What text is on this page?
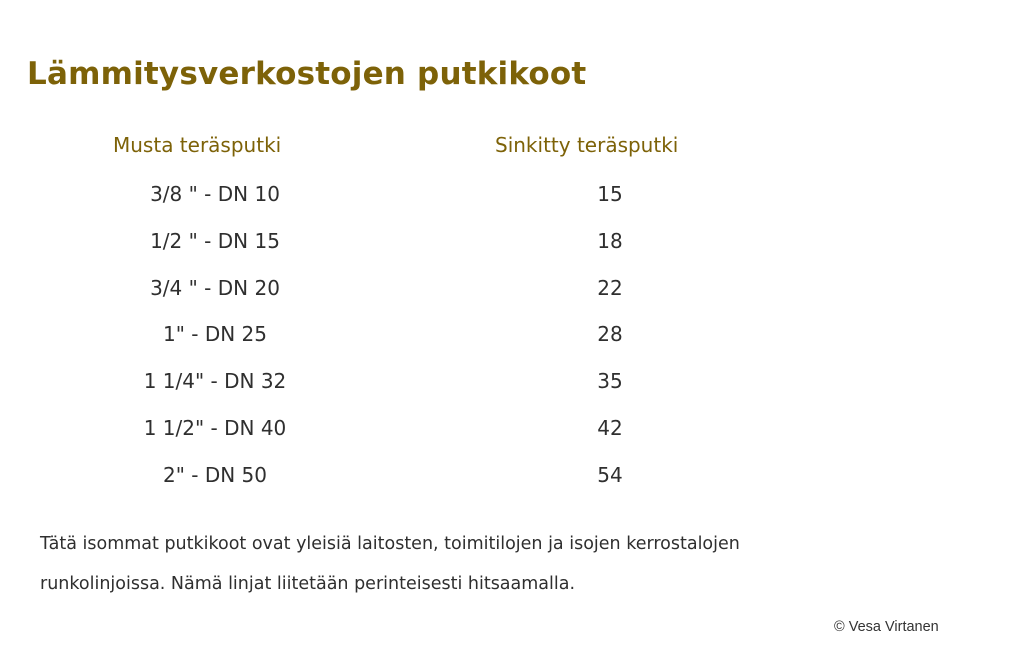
Lämmitysverkostojen putkikoot
Musta teräsputki	Sinkitty teräsputki
3/8 " - DN 10	15
1/2 " - DN 15	18
3/4 " - DN 20	22
1" - DN 25	28
1 1/4" - DN 32	35
1 1/2" - DN 40	42
2" - DN 50	54

Tätä isommat putkikoot ovat yleisiä laitosten, toimitilojen ja isojen kerrostalojen

runkolinjoissa. Nämä linjat liitetään perinteisesti hitsaamalla.

© Vesa Virtanen
